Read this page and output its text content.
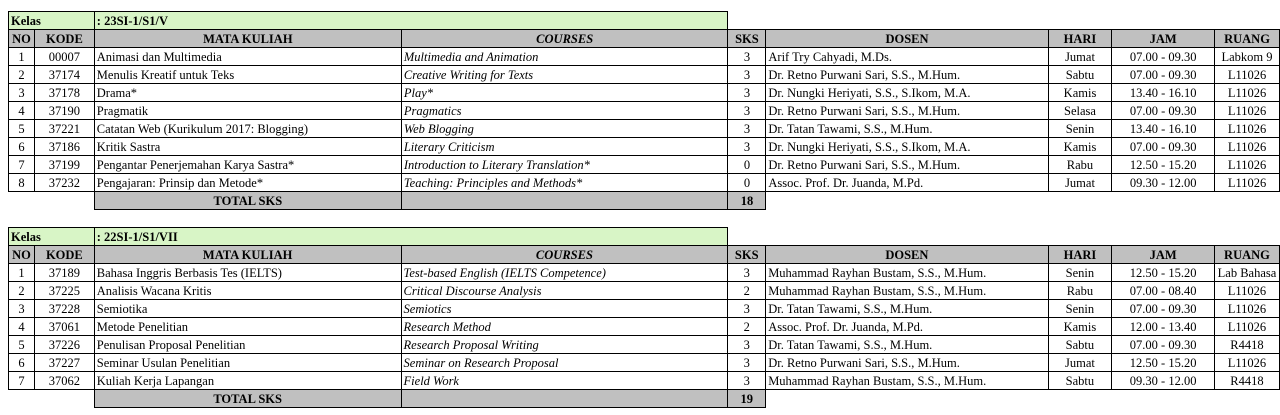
Kelas		: 23SI-1/S1/V						
NO	KODE	MATA KULIAH	COURSES	SKS	DOSEN	HARI	JAM	RUANG
1	00007	Animasi dan Multimedia	Multimedia and Animation	3	Arif Try Cahyadi, M.Ds.	Jumat	07.00 - 09.30	Labkom 9
2	37174	Menulis Kreatif untuk Teks	Creative Writing for Texts	3	Dr. Retno Purwani Sari, S.S., M.Hum.	Sabtu	07.00 - 09.30	L11026
3	37178	Drama*	Play*	3	Dr. Nungki Heriyati, S.S., S.Ikom, M.A.	Kamis	13.40 - 16.10	L11026
4	37190	Pragmatik	Pragmatics	3	Dr. Retno Purwani Sari, S.S., M.Hum.	Selasa	07.00 - 09.30	L11026
5	37221	Catatan Web (Kurikulum 2017: Blogging)	Web Blogging	3	Dr. Tatan Tawami, S.S., M.Hum.	Senin	13.40 - 16.10	L11026
6	37186	Kritik Sastra	Literary Criticism	3	Dr. Nungki Heriyati, S.S., S.Ikom, M.A.	Kamis	07.00 - 09.30	L11026
7	37199	Pengantar Penerjemahan Karya Sastra*	Introduction to Literary Translation*	0	Dr. Retno Purwani Sari, S.S., M.Hum.	Rabu	12.50 - 15.20	L11026
8	37232	Pengajaran: Prinsip dan Metode*	Teaching: Principles and Methods*	0	Assoc. Prof. Dr. Juanda, M.Pd.	Jumat	09.30 - 12.00	L11026
		TOTAL SKS		18				
Kelas		: 22SI-1/S1/VII						
NO	KODE	MATA KULIAH	COURSES	SKS	DOSEN	HARI	JAM	RUANG
1	37189	Bahasa Inggris Berbasis Tes (IELTS)	Test-based English (IELTS Competence)	3	Muhammad Rayhan Bustam, S.S., M.Hum.	Senin	12.50 - 15.20	Lab Bahasa
2	37225	Analisis Wacana Kritis	Critical Discourse Analysis	2	Muhammad Rayhan Bustam, S.S., M.Hum.	Rabu	07.00 - 08.40	L11026
3	37228	Semiotika	Semiotics	3	Dr. Tatan Tawami, S.S., M.Hum.	Senin	07.00 - 09.30	L11026
4	37061	Metode Penelitian	Research Method	2	Assoc. Prof. Dr. Juanda, M.Pd.	Kamis	12.00 - 13.40	L11026
5	37226	Penulisan Proposal Penelitian	Research Proposal Writing	3	Dr. Tatan Tawami, S.S., M.Hum.	Sabtu	07.00 - 09.30	R4418
6	37227	Seminar Usulan Penelitian	Seminar on Research Proposal	3	Dr. Retno Purwani Sari, S.S., M.Hum.	Jumat	12.50 - 15.20	L11026
7	37062	Kuliah Kerja Lapangan	Field Work	3	Muhammad Rayhan Bustam, S.S., M.Hum.	Sabtu	09.30 - 12.00	R4418
		TOTAL SKS		19				
